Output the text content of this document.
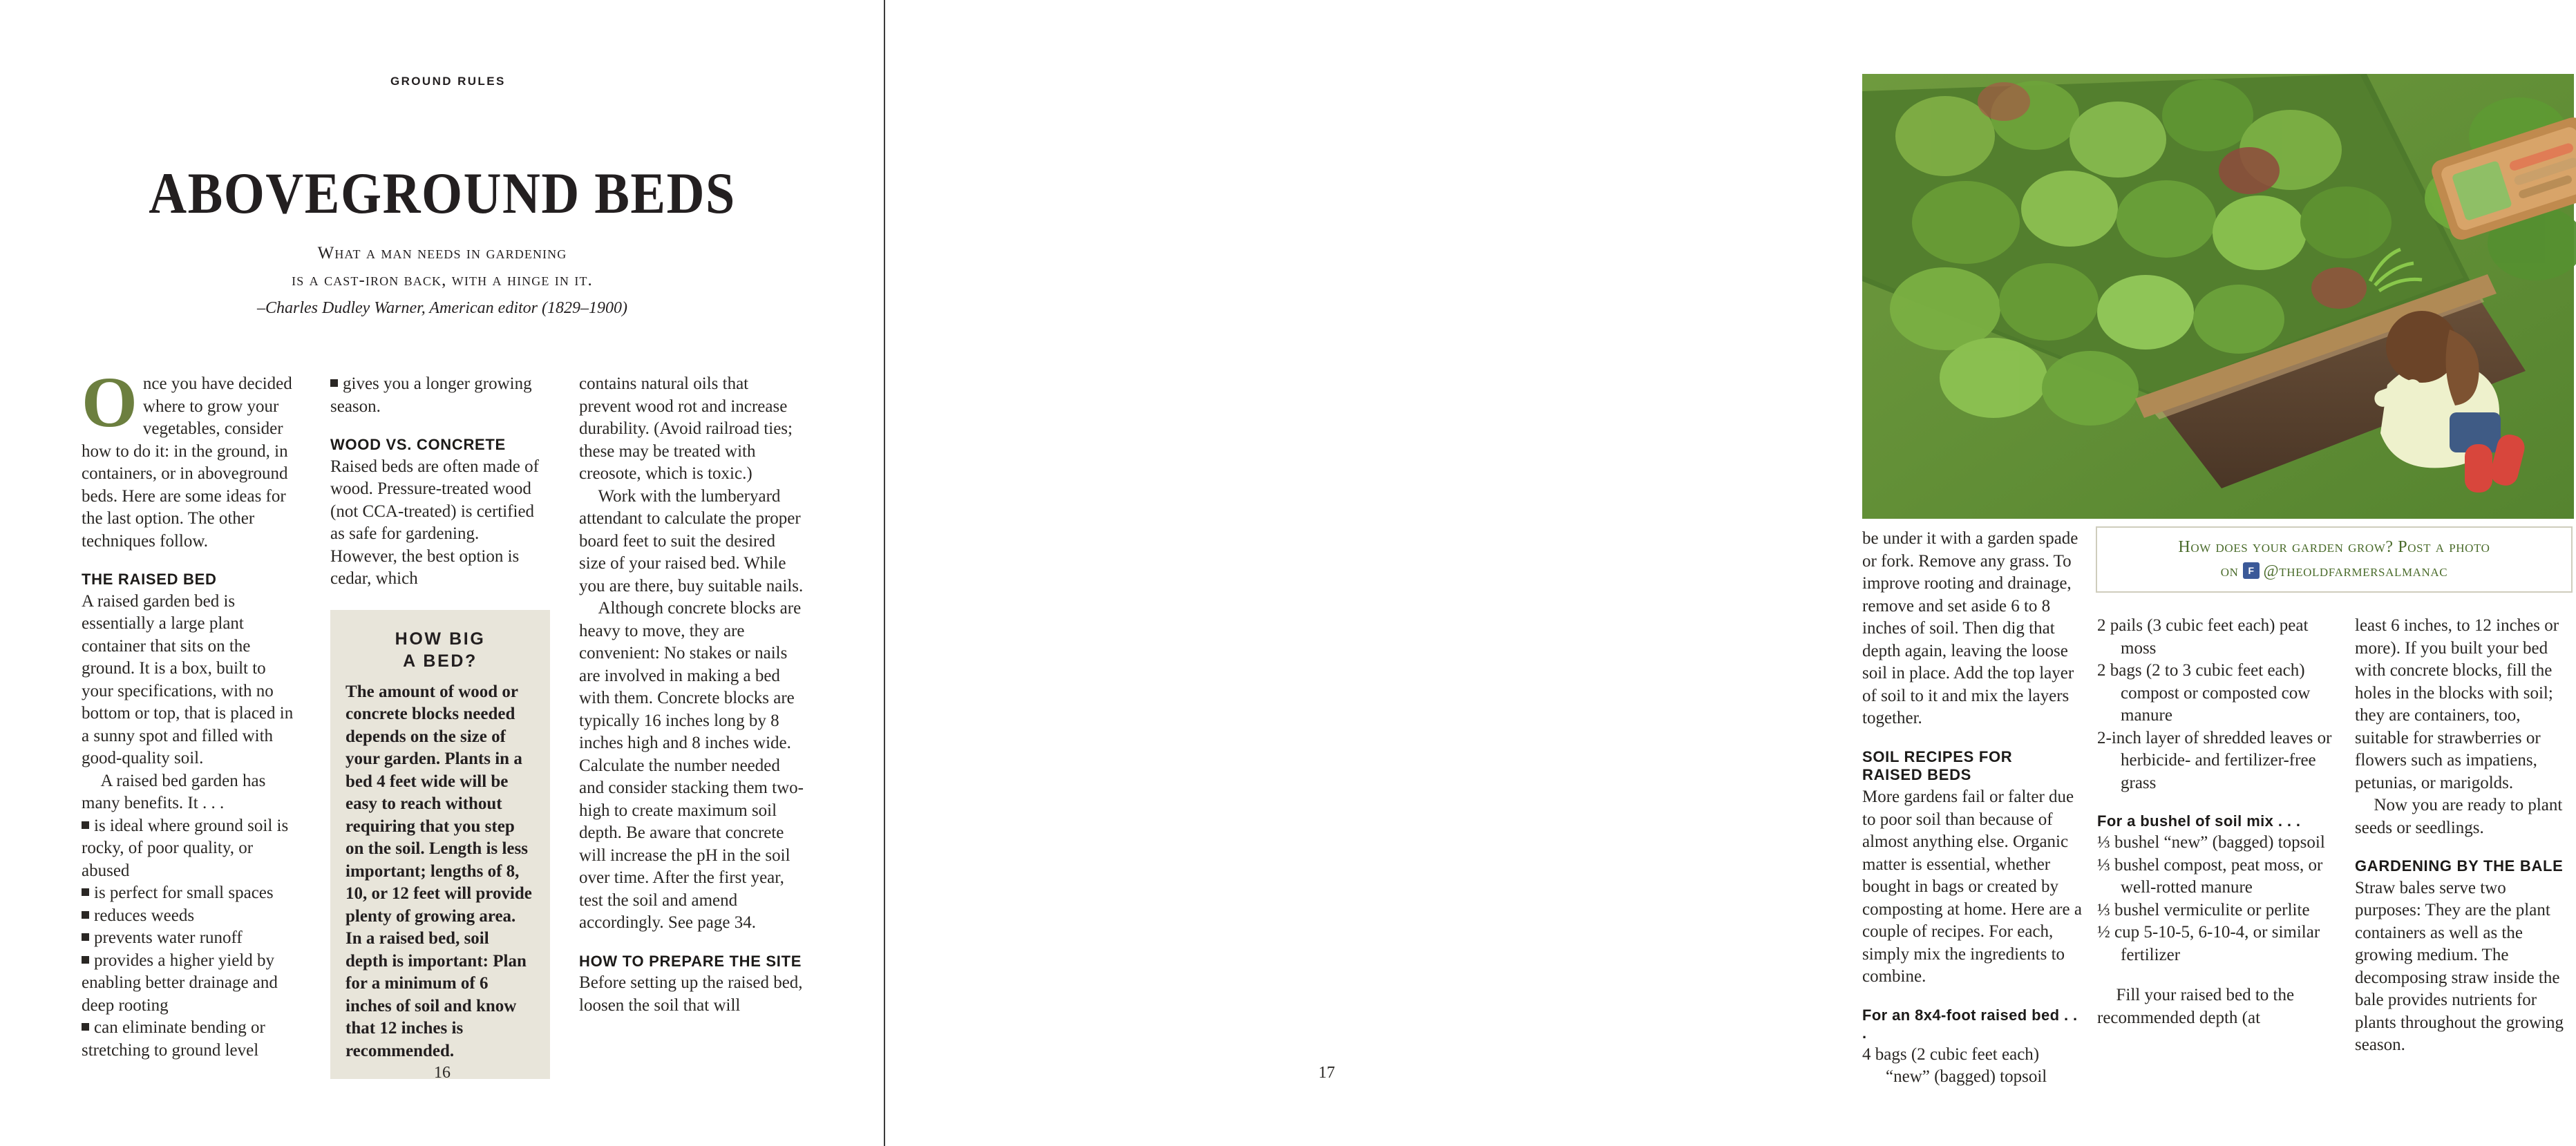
GROUND RULES
ABOVEGROUND BEDS
What a man needs in gardening
is a cast-iron back, with a hinge in it.
–Charles Dudley Warner, American editor (1829–1900)

Once you have decided where to grow your vegetables, consider how to do it: in the ground, in containers, or in aboveground beds. Here are some ideas for the last option. The other techniques follow.

THE RAISED BED

A raised garden bed is essentially a large plant container that sits on the ground. It is a box, built to your specifications, with no bottom or top, that is placed in a sunny spot and filled with good-quality soil.

A raised bed garden has many benefits. It . . .

is ideal where ground soil is rocky, of poor quality, or abused
is perfect for small spaces
reduces weeds
prevents water runoff
provides a higher yield by enabling better drainage and deep rooting
can eliminate bending or stretching to ground level
gives you a longer growing season.
WOOD VS. CONCRETE

Raised beds are often made of wood. Pressure-treated wood (not CCA-treated) is certified as safe for gardening. However, the best option is cedar, which

HOW BIG
A BED?
The amount of wood or concrete blocks needed depends on the size of your garden. Plants in a bed 4 feet wide will be easy to reach without requiring that you step on the soil. Length is less important; lengths of 8, 10, or 12 feet will provide plenty of growing area. In a raised bed, soil depth is important: Plan for a minimum of 6 inches of soil and know that 12 inches is recommended.

contains natural oils that prevent wood rot and increase durability. (Avoid railroad ties; these may be treated with creosote, which is toxic.)

Work with the lumberyard attendant to calculate the proper board feet to suit the desired size of your raised bed. While you are there, buy suitable nails.

Although concrete blocks are heavy to move, they are convenient: No stakes or nails are involved in making a bed with them. Concrete blocks are typically 16 inches long by 8 inches high and 8 inches wide. Calculate the number needed and consider stacking them two-high to create maximum soil depth. Be aware that concrete will increase the pH in the soil over time. After the first year, test the soil and amend accordingly. See page 34.

HOW TO PREPARE THE SITE

Before setting up the raised bed, loosen the soil that will

16
How does your garden grow? Post a photo
on f @theoldfarmersalmanac

be under it with a garden spade or fork. Remove any grass. To improve rooting and drainage, remove and set aside 6 to 8 inches of soil. Then dig that depth again, leaving the loose soil in place. Add the top layer of soil to it and mix the layers together.

SOIL RECIPES FOR
RAISED BEDS

More gardens fail or falter due to poor soil than because of almost anything else. Organic matter is essential, whether bought in bags or created by composting at home. Here are a couple of recipes. For each, simply mix the ingredients to combine.

For an 8x4-foot raised bed . . .

4 bags (2 cubic feet each) “new” (bagged) topsoil

2 pails (3 cubic feet each) peat moss

2 bags (2 to 3 cubic feet each) compost or composted cow manure

2-inch layer of shredded leaves or herbicide- and fertilizer-free grass

For a bushel of soil mix . . .

⅓ bushel “new” (bagged) topsoil

⅓ bushel compost, peat moss, or well-rotted manure

⅓ bushel vermiculite or perlite

½ cup 5-10-5, 6-10-4, or similar fertilizer

Fill your raised bed to the recommended depth (at

least 6 inches, to 12 inches or more). If you built your bed with concrete blocks, fill the holes in the blocks with soil; they are containers, too, suitable for strawberries or flowers such as impatiens, petunias, or marigolds.

Now you are ready to plant seeds or seedlings.

GARDENING BY THE BALE

Straw bales serve two purposes: They are the plant containers as well as the growing medium. The decomposing straw inside the bale provides nutrients for plants throughout the growing season.

17
